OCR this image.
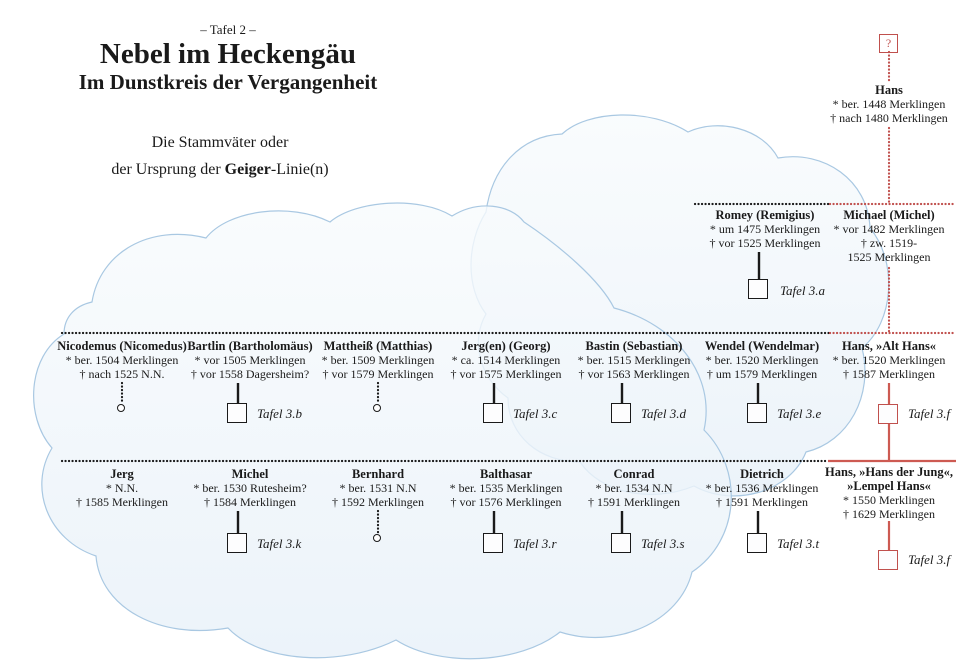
– Tafel 2 –
Nebel im Heckengäu
Im Dunstkreis der Vergangenheit
Die Stammväter oder
der Ursprung der Geiger-Linie(n)
?
Hans
* ber. 1448 Merklingen
† nach 1480 Merklingen
Romey (Remigius)
* um 1475 Merklingen
† vor 1525 Merklingen
Michael (Michel)
* vor 1482 Merklingen
† zw. 1519-
1525 Merklingen
Tafel 3.a
Nicodemus (Nicomedus)
* ber. 1504 Merklingen
† nach 1525 N.N.
Bartlin (Bartholomäus)
* vor 1505 Merklingen
† vor 1558 Dagersheim?
Mattheiß (Matthias)
* ber. 1509 Merklingen
† vor 1579 Merklingen
Jerg(en) (Georg)
* ca. 1514 Merklingen
† vor 1575 Merklingen
Bastin (Sebastian)
* ber. 1515 Merklingen
† vor 1563 Merklingen
Wendel (Wendelmar)
* ber. 1520 Merklingen
† um 1579 Merklingen
Hans, »Alt Hans«
* ber. 1520 Merklingen
† 1587 Merklingen
Tafel 3.b	Tafel 3.c	Tafel 3.d	Tafel 3.e	Tafel 3.f
Jerg
* N.N.
† 1585 Merklingen
Michel
* ber. 1530 Rutesheim?
† 1584 Merklingen
Bernhard
* ber. 1531 N.N
† 1592 Merklingen
Balthasar
* ber. 1535 Merklingen
† vor 1576 Merklingen
Conrad
* ber. 1534 N.N
† 1591 Merklingen
Dietrich
* ber. 1536 Merklingen
† 1591 Merklingen
Hans, »Hans der Jung«,
»Lempel Hans«
* 1550 Merklingen
† 1629 Merklingen
Tafel 3.k	Tafel 3.r	Tafel 3.s	Tafel 3.t
Tafel 3.f
